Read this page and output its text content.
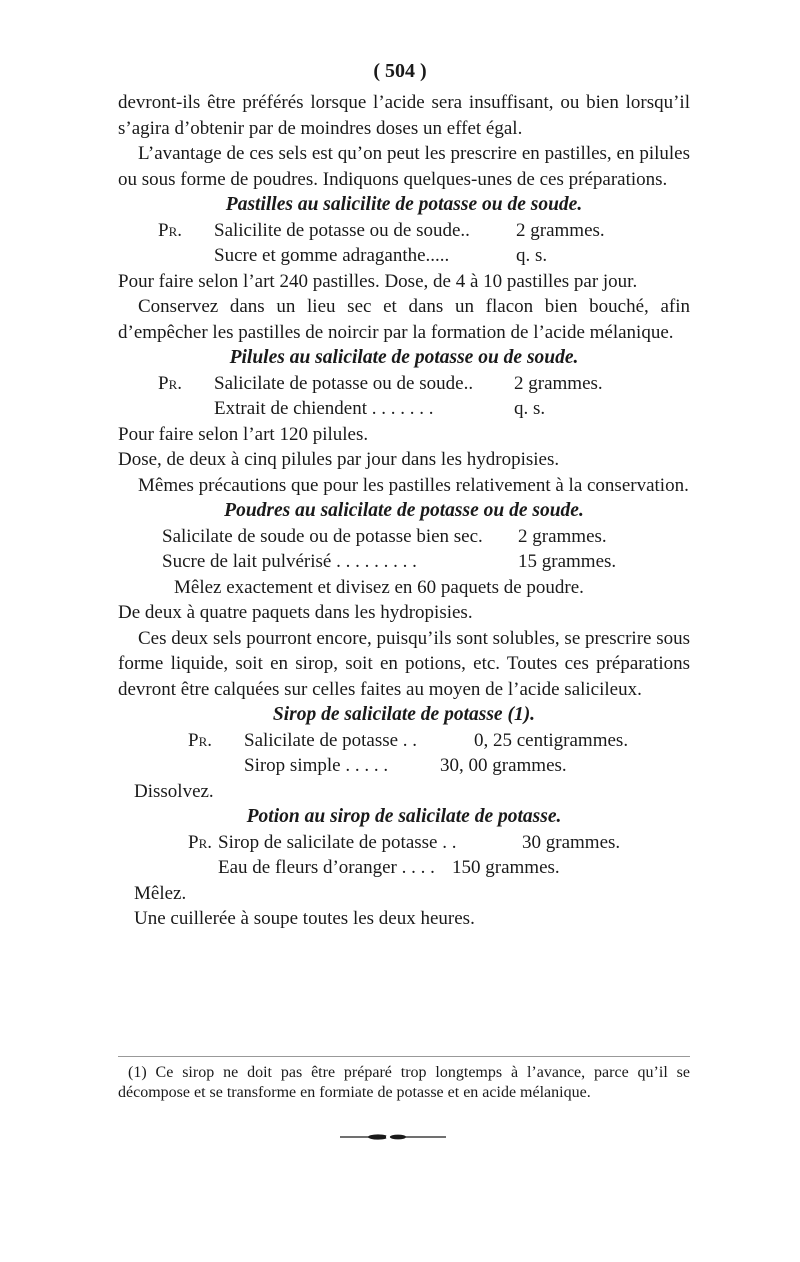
( 504 )

devront-ils être préférés lorsque l’acide sera insuffisant, ou bien lorsqu’il s’agira d’obtenir par de moindres doses un effet égal.

L’avantage de ces sels est qu’on peut les prescrire en pastilles, en pilules ou sous forme de poudres. Indiquons quelques-unes de ces préparations.

Pastilles au salicilite de potasse ou de soude.

Pr.	Salicilite de potasse ou de soude..	2 grammes.
Sucre et gomme adraganthe.....	q. s.

Pour faire selon l’art 240 pastilles. Dose, de 4 à 10 pastilles par jour.

Conservez dans un lieu sec et dans un flacon bien bouché, afin d’empêcher les pastilles de noircir par la formation de l’acide mélanique.

Pilules au salicilate de potasse ou de soude.

Pr.	Salicilate de potasse ou de soude..	2 grammes.
Extrait de chiendent . . . . . . .	q. s.

Pour faire selon l’art 120 pilules.

Dose, de deux à cinq pilules par jour dans les hydropisies.

Mêmes précautions que pour les pastilles relativement à la conservation.

Poudres au salicilate de potasse ou de soude.

Salicilate de soude ou de potasse bien sec.	2 grammes.
Sucre de lait pulvérisé . . . . . . . . .	15 grammes.

Mêlez exactement et divisez en 60 paquets de poudre.

De deux à quatre paquets dans les hydropisies.

Ces deux sels pourront encore, puisqu’ils sont solubles, se prescrire sous forme liquide, soit en sirop, soit en potions, etc. Toutes ces préparations devront être calquées sur celles faites au moyen de l’acide salicileux.

Sirop de salicilate de potasse (1).

Pr.	Salicilate de potasse . .	0, 25 centigrammes.
Sirop simple . . . . .	30, 00 grammes.

Dissolvez.

Potion au sirop de salicilate de potasse.

Pr. Sirop de salicilate de potasse . .	30 grammes.
Eau de fleurs d’oranger . . . . 150 grammes.

Mêlez.

Une cuillerée à soupe toutes les deux heures.

(1) Ce sirop ne doit pas être préparé trop longtemps à l’avance, parce qu’il se décompose et se transforme en formiate de potasse et en acide mélanique.
